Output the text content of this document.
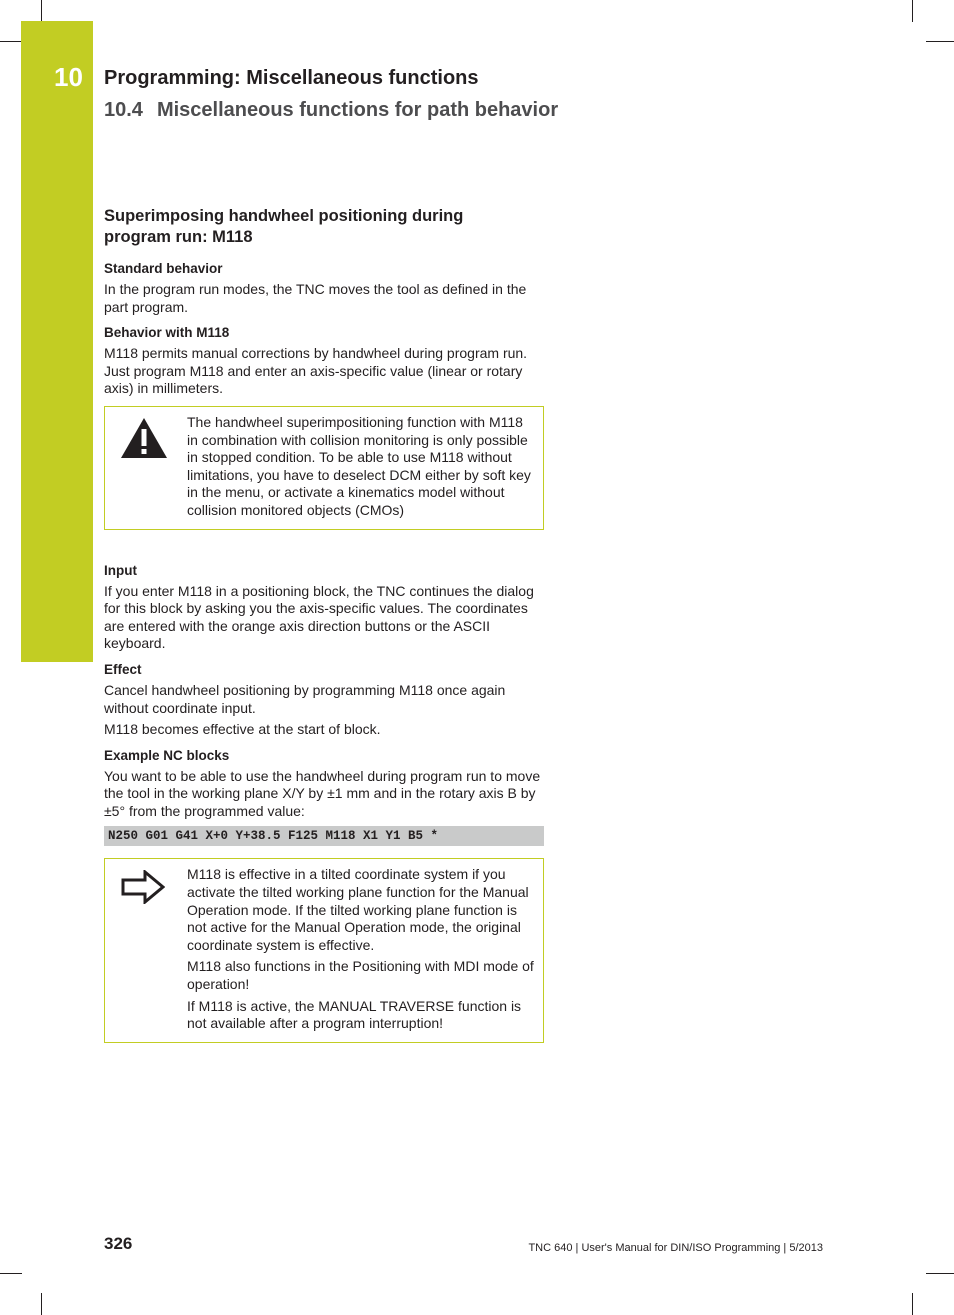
10 Programming: Miscellaneous functions
10.4 Miscellaneous functions for path behavior
Superimposing handwheel positioning during
program run: M118
Standard behavior

In the program run modes, the TNC moves the tool as defined in the part program.

Behavior with M118

M118 permits manual corrections by handwheel during program run. Just program M118 and enter an axis-specific value (linear or rotary axis) in millimeters.

The handwheel superimpositioning function with M118 in combination with collision monitoring is only possible in stopped condition. To be able to use M118 without limitations, you have to deselect DCM either by soft key in the menu, or activate a kinematics model without collision monitored objects (CMOs)

Input

If you enter M118 in a positioning block, the TNC continues the dialog for this block by asking you the axis-specific values. The coordinates are entered with the orange axis direction buttons or the ASCII keyboard.

Effect

Cancel handwheel positioning by programming M118 once again without coordinate input.

M118 becomes effective at the start of block.

Example NC blocks

You want to be able to use the handwheel during program run to move the tool in the working plane X/Y by ±1 mm and in the rotary axis B by ±5° from the programmed value:

N250 G01 G41 X+0 Y+38.5 F125 M118 X1 Y1 B5 *

M118 is effective in a tilted coordinate system if you activate the tilted working plane function for the Manual Operation mode. If the tilted working plane function is not active for the Manual Operation mode, the original coordinate system is effective.

M118 also functions in the Positioning with MDI mode of operation!

If M118 is active, the MANUAL TRAVERSE function is not available after a program interruption!

326	TNC 640 | User's Manual for DIN/ISO Programming | 5/2013
